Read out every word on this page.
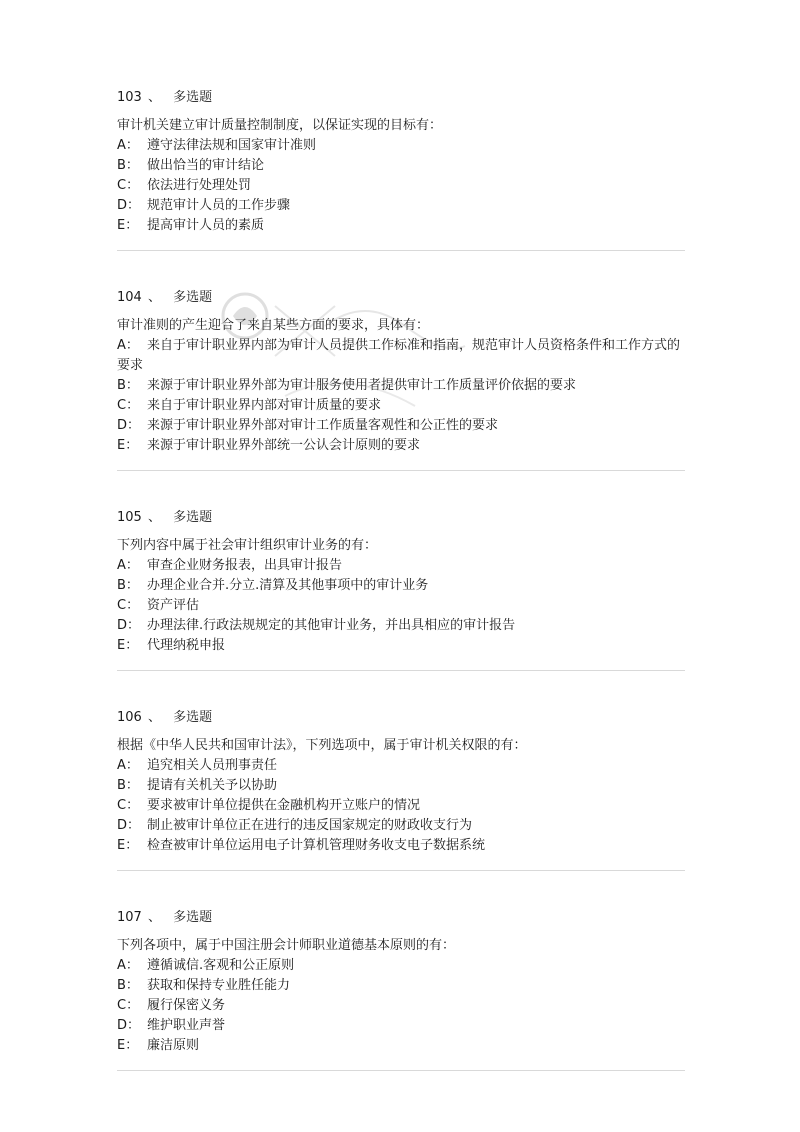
103 、 多选题

审计机关建立审计质量控制制度，以保证实现的目标有：

A： 遵守法律法规和国家审计准则

B： 做出恰当的审计结论

C： 依法进行处理处罚

D： 规范审计人员的工作步骤

E： 提高审计人员的素质

104 、 多选题

审计准则的产生迎合了来自某些方面的要求，具体有：

A： 来自于审计职业界内部为审计人员提供工作标准和指南，规范审计人员资格条件和工作方式的要求

B： 来源于审计职业界外部为审计服务使用者提供审计工作质量评价依据的要求

C： 来自于审计职业界内部对审计质量的要求

D： 来源于审计职业界外部对审计工作质量客观性和公正性的要求

E： 来源于审计职业界外部统一公认会计原则的要求

105 、 多选题

下列内容中属于社会审计组织审计业务的有：

A： 审查企业财务报表，出具审计报告

B： 办理企业合并.分立.清算及其他事项中的审计业务

C： 资产评估

D： 办理法律.行政法规规定的其他审计业务，并出具相应的审计报告

E： 代理纳税申报

106 、 多选题

根据《中华人民共和国审计法》，下列选项中，属于审计机关权限的有：

A： 追究相关人员刑事责任

B： 提请有关机关予以协助

C： 要求被审计单位提供在金融机构开立账户的情况

D： 制止被审计单位正在进行的违反国家规定的财政收支行为

E： 检查被审计单位运用电子计算机管理财务收支电子数据系统

107 、 多选题

下列各项中，属于中国注册会计师职业道德基本原则的有：

A： 遵循诚信.客观和公正原则

B： 获取和保持专业胜任能力

C： 履行保密义务

D： 维护职业声誉

E： 廉洁原则
